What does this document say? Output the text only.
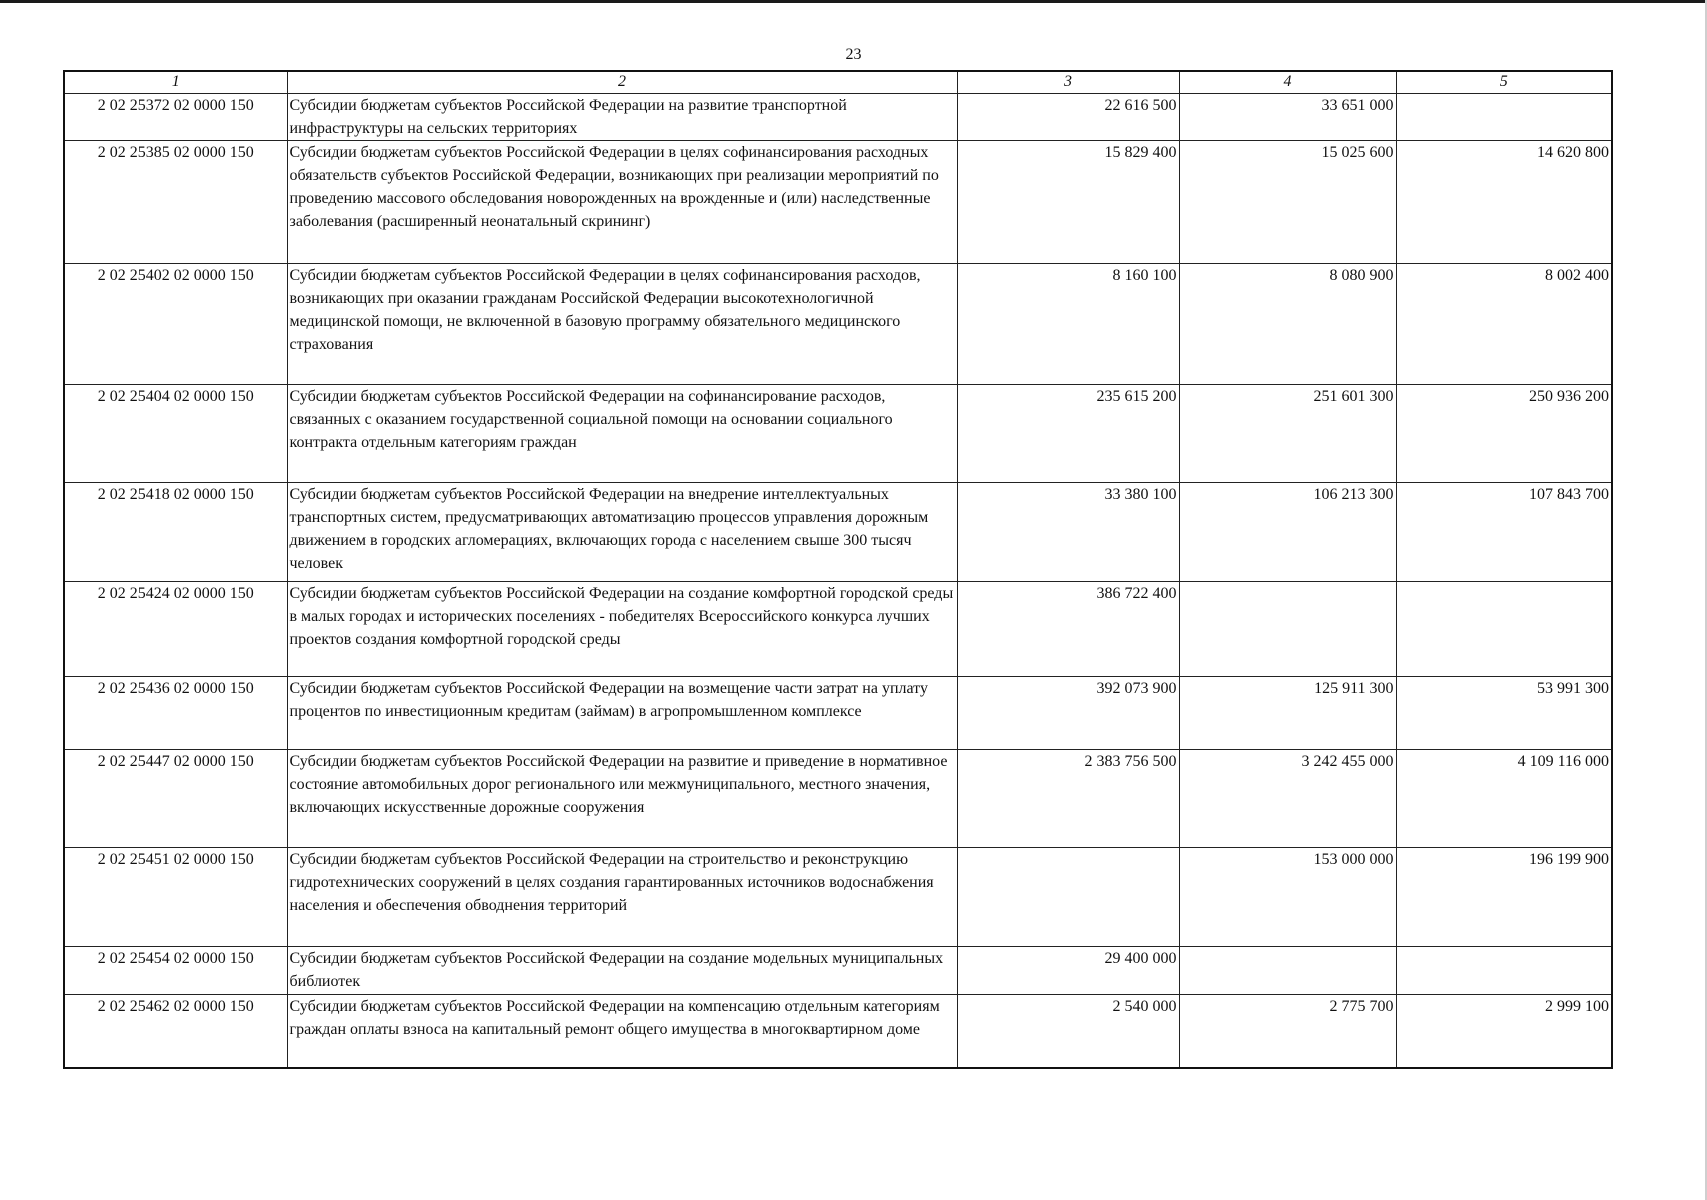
23
1	2	3	4	5
2 02 25372 02 0000 150	Субсидии бюджетам субъектов Российской Федерации на развитие транспортной инфраструктуры на сельских территориях	22 616 500	33 651 000	
2 02 25385 02 0000 150	Субсидии бюджетам субъектов Российской Федерации в целях софинансирования расходных обязательств субъектов Российской Федерации, возникающих при реализации мероприятий по проведению массового обследования новорожденных на врожденные и (или) наследственные заболевания (расширенный неонатальный скрининг)	15 829 400	15 025 600	14 620 800
2 02 25402 02 0000 150	Субсидии бюджетам субъектов Российской Федерации в целях софинансирования расходов, возникающих при оказании гражданам Российской Федерации высокотехнологичной медицинской помощи, не включенной в базовую программу обязательного медицинского страхования	8 160 100	8 080 900	8 002 400
2 02 25404 02 0000 150	Субсидии бюджетам субъектов Российской Федерации на софинансирование расходов, связанных с оказанием государственной социальной помощи на основании социального контракта отдельным категориям граждан	235 615 200	251 601 300	250 936 200
2 02 25418 02 0000 150	Субсидии бюджетам субъектов Российской Федерации на внедрение интеллектуальных транспортных систем, предусматривающих автоматизацию процессов управления дорожным движением в городских агломерациях, включающих города с населением свыше 300 тысяч человек	33 380 100	106 213 300	107 843 700
2 02 25424 02 0000 150	Субсидии бюджетам субъектов Российской Федерации на создание комфортной городской среды в малых городах и исторических поселениях - победителях Всероссийского конкурса лучших проектов создания комфортной городской среды	386 722 400		
2 02 25436 02 0000 150	Субсидии бюджетам субъектов Российской Федерации на возмещение части затрат на уплату процентов по инвестиционным кредитам (займам) в агропромышленном комплексе	392 073 900	125 911 300	53 991 300
2 02 25447 02 0000 150	Субсидии бюджетам субъектов Российской Федерации на развитие и приведение в нормативное состояние автомобильных дорог регионального или межмуниципального, местного значения, включающих искусственные дорожные сооружения	2 383 756 500	3 242 455 000	4 109 116 000
2 02 25451 02 0000 150	Субсидии бюджетам субъектов Российской Федерации на строительство и реконструкцию гидротехнических сооружений в целях создания гарантированных источников водоснабжения населения и обеспечения обводнения территорий		153 000 000	196 199 900
2 02 25454 02 0000 150	Субсидии бюджетам субъектов Российской Федерации на создание модельных муниципальных библиотек	29 400 000		
2 02 25462 02 0000 150	Субсидии бюджетам субъектов Российской Федерации на компенсацию отдельным категориям граждан оплаты взноса на капитальный ремонт общего имущества в многоквартирном доме	2 540 000	2 775 700	2 999 100
